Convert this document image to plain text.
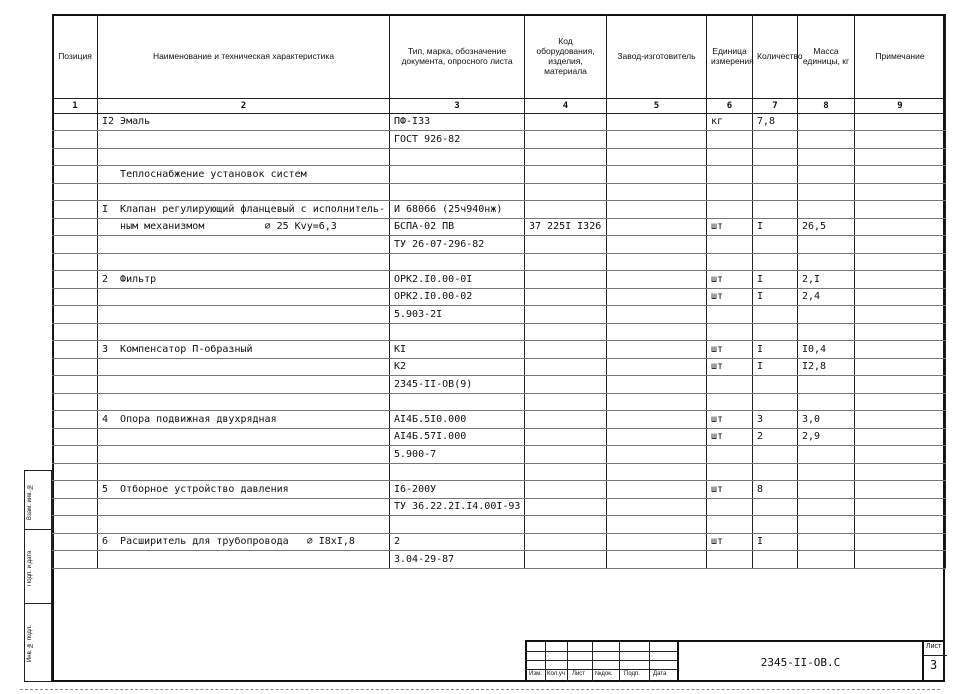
Позиция	Наименование и техническая характеристика	Тип, марка, обозначение документа, опросного листа	Код оборудования, изделия, материала	Завод-изготовитель	Единица измерения	Количество	Масса единицы, кг	Примечание
1	2	3	4	5	6	7	8	9
	I2 Эмаль	ПФ-I33			кг	7,8		
		ГОСТ 926-82						

	Теплоснабжение установок систем							

	I  Клапан регулирующий фланцевый с исполнитель-	И 68066 (25ч940нж)						
	ным механизмом          ∅ 25 Kvy=6,3	БСПА-02 ПВ	37 225I I326		шт	I	26,5	
		ТУ 26-07-296-82						

	2  Фильтр	ОРК2.I0.00-0I			шт	I	2,I	
		ОРК2.I0.00-02			шт	I	2,4	
		5.903-2I						

	3  Компенсатор П-образный	КI			шт	I	I0,4	
		К2			шт	I	I2,8	
		2345-II-ОВ(9)						

	4  Опора подвижная двухрядная	АI4Б.5I0.000			шт	3	3,0	
		АI4Б.57I.000			шт	2	2,9	
		5.900-7						

	5  Отборное устройство давления	I6-200У			шт	8		
		ТУ 36.22.2I.I4.00I-93						

	6  Расширитель для трубопровода   ∅ I8хI,8	2			шт	I		
		3.04-29-87						
Взам. инв. №
Подп. и дата
Инв. № подл.
Изм. Кол.уч Лист №док. Подп. Дата
2345-II-ОВ.С
Лист
3
